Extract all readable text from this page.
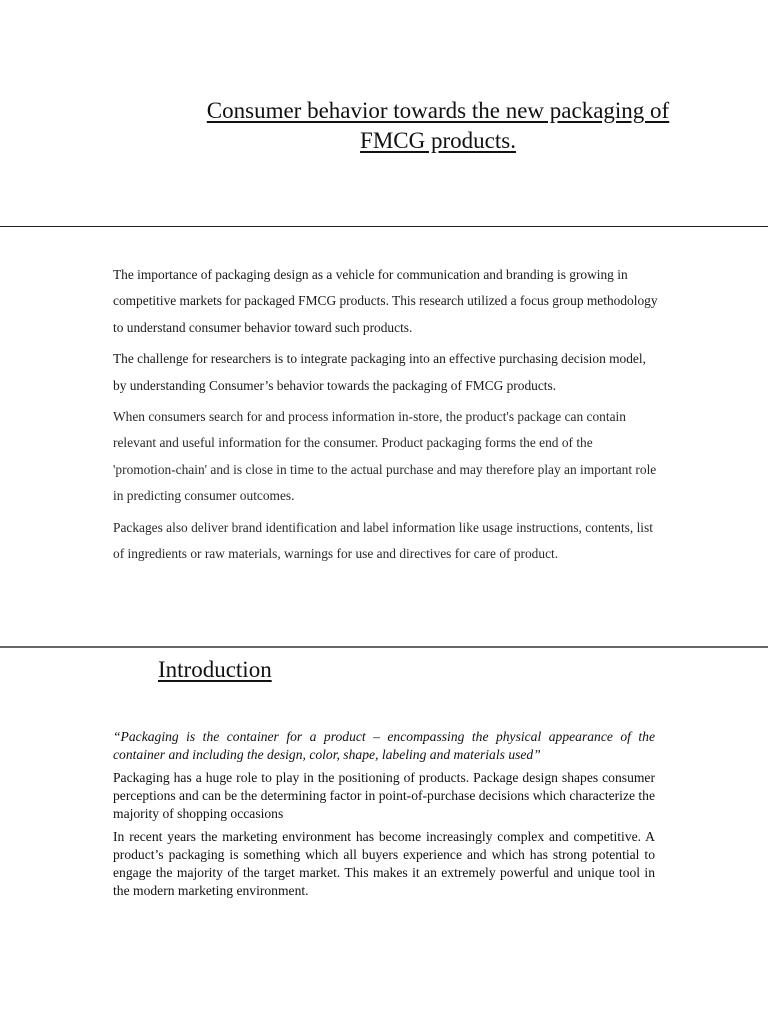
Consumer behavior towards the new packaging of
FMCG products.

The importance of packaging design as a vehicle for communication and branding is growing in competitive markets for packaged FMCG products. This research utilized a focus group methodology to understand consumer behavior toward such products.

The challenge for researchers is to integrate packaging into an effective purchasing decision model, by understanding Consumer’s behavior towards the packaging of FMCG products.

When consumers search for and process information in-store, the product's package can contain relevant and useful information for the consumer. Product packaging forms the end of the 'promotion-chain' and is close in time to the actual purchase and may therefore play an important role in predicting consumer outcomes.

Packages also deliver brand identification and label information like usage instructions, contents, list of ingredients or raw materials, warnings for use and directives for care of product.

Introduction

“Packaging is the container for a product – encompassing the physical appearance of the container and including the design, color, shape, labeling and materials used”

Packaging has a huge role to play in the positioning of products. Package design shapes consumer perceptions and can be the determining factor in point-of-purchase decisions which characterize the majority of shopping occasions

In recent years the marketing environment has become increasingly complex and competitive. A product’s packaging is something which all buyers experience and which has strong potential to engage the majority of the target market. This makes it an extremely powerful and unique tool in the modern marketing environment.
